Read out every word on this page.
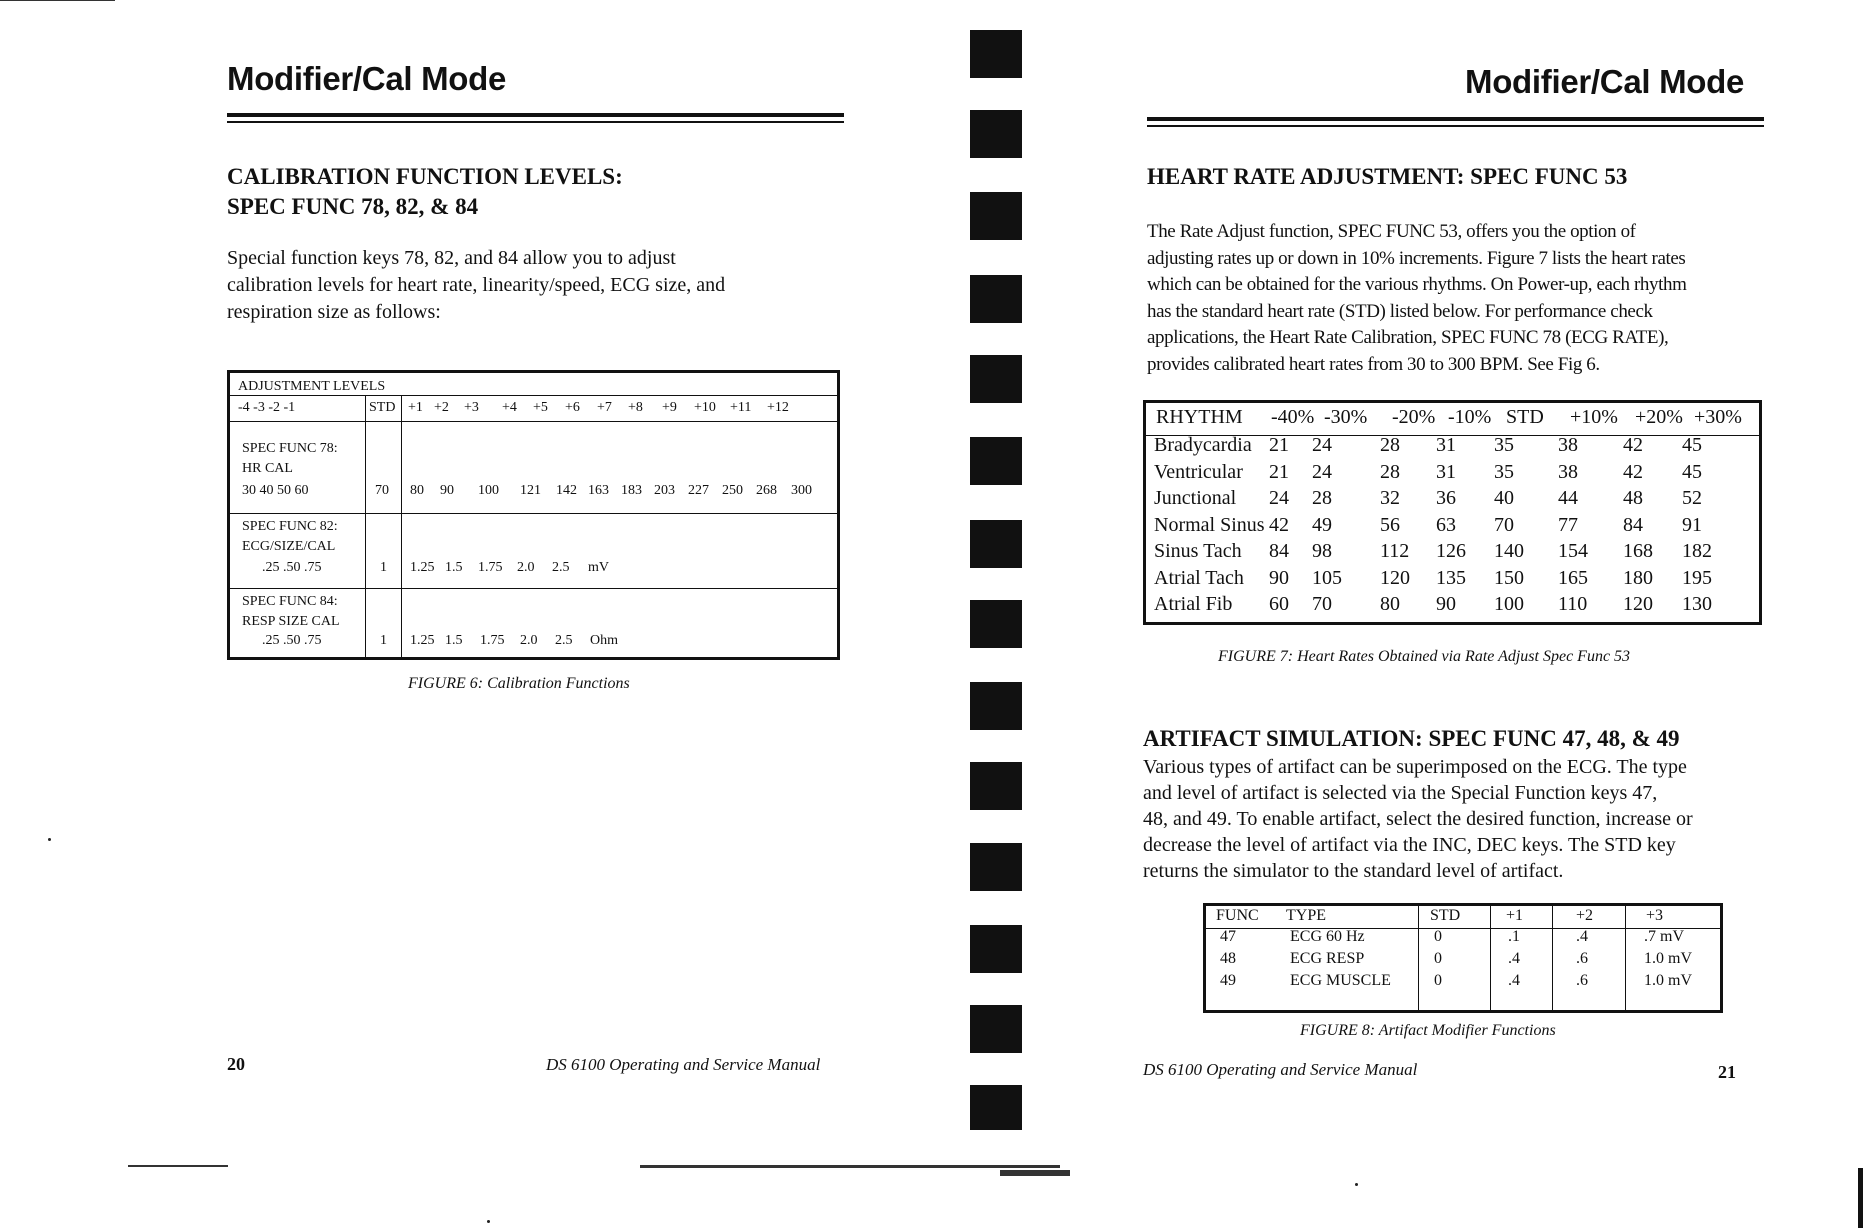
Modifier/Cal Mode
CALIBRATION FUNCTION LEVELS:
SPEC FUNC 78, 82, & 84
Special function keys 78, 82, and 84 allow you to adjust
calibration levels for heart rate, linearity/speed, ECG size, and
respiration size as follows:
ADJUSTMENT LEVELS
-4 -3 -2 -1	STD +1 +2 +3 +4 +5 +6 +7 +8 +9 +10 +11 +12
SPEC FUNC 78:
HR CAL
30 40 50 60	70 80 90 100 121 142 163 183 203 227 250 268 300
SPEC FUNC 82:
ECG/SIZE/CAL
.25 .50 .75	1 1.25 1.5 1.75 2.0 2.5 mV
SPEC FUNC 84:
RESP SIZE CAL
.25 .50 .75	1 1.25 1.5 1.75 2.0 2.5 Ohm
FIGURE 6: Calibration Functions
20	DS 6100 Operating and Service Manual
Modifier/Cal Mode
HEART RATE ADJUSTMENT: SPEC FUNC 53
The Rate Adjust function, SPEC FUNC 53, offers you the option of
adjusting rates up or down in 10% increments. Figure 7 lists the heart rates
which can be obtained for the various rhythms. On Power-up, each rhythm
has the standard heart rate (STD) listed below. For performance check
applications, the Heart Rate Calibration, SPEC FUNC 78 (ECG RATE),
provides calibrated heart rates from 30 to 300 BPM. See Fig 6.
RHYTHM -40% -30% -20% -10% STD +10% +20% +30%
Bradycardia 21 24 28 31 35 38 42 45
Ventricular 21 24 28 31 35 38 42 45
Junctional 24 28 32 36 40 44 48 52
Normal Sinus 42 49 56 63 70 77 84 91
Sinus Tach 84 98 112 126 140 154 168 182
Atrial Tach 90 105 120 135 150 165 180 195
Atrial Fib 60 70 80 90 100 110 120 130
FIGURE 7: Heart Rates Obtained via Rate Adjust Spec Func 53
ARTIFACT SIMULATION: SPEC FUNC 47, 48, & 49
Various types of artifact can be superimposed on the ECG. The type
and level of artifact is selected via the Special Function keys 47,
48, and 49. To enable artifact, select the desired function, increase or
decrease the level of artifact via the INC, DEC keys. The STD key
returns the simulator to the standard level of artifact.
FUNC TYPE	STD	+1	+2	+3
47	ECG 60 Hz	0	.1	.4	.7 mV
48	ECG RESP	0	.4	.6	1.0 mV
49	ECG MUSCLE	0	.4	.6	1.0 mV
FIGURE 8: Artifact Modifier Functions
DS 6100 Operating and Service Manual	21
